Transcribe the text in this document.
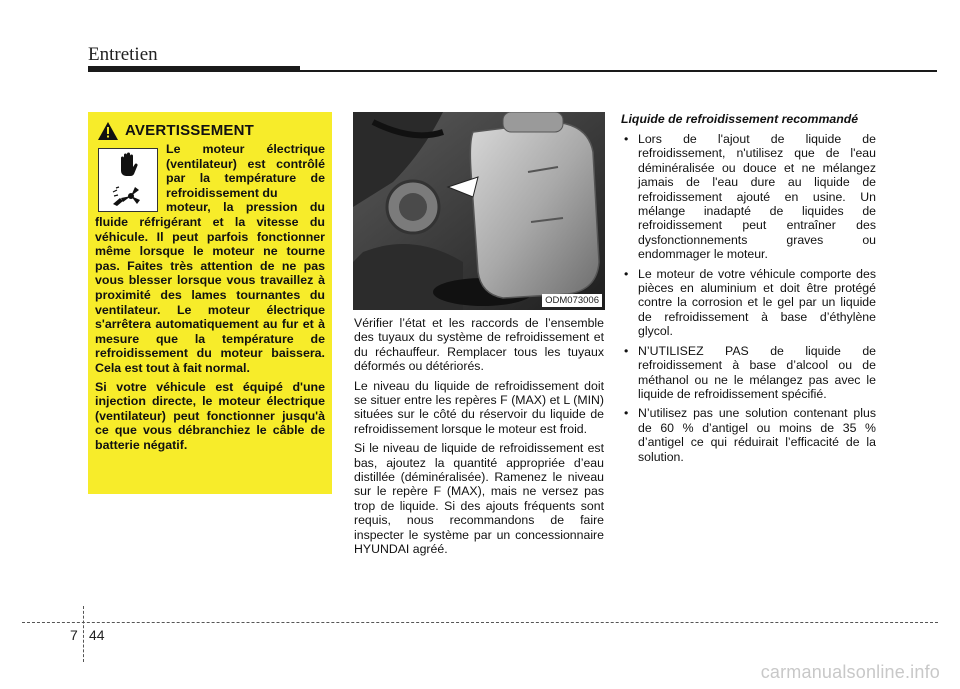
Entretien
AVERTISSEMENT

Le moteur électrique (ventilateur) est contrôlé par la température de refroidissement du

moteur, la pression du fluide réfrigérant et la vitesse du véhicule. Il peut parfois fonctionner même lorsque le moteur ne tourne pas. Faites très attention de ne pas vous blesser lorsque vous travaillez à proximité des lames tournantes du ventilateur. Le moteur électrique s'arrêtera automatiquement au fur et à mesure que la température de refroidissement du moteur baissera. Cela est tout à fait normal.

Si votre véhicule est équipé d'une injection directe, le moteur électrique (ventilateur) peut fonctionner jusqu'à ce que vous débranchiez le câble de batterie négatif.

ODM073006

Vérifier l’état et les raccords de l’ensemble des tuyaux du système de refroidissement et du réchauffeur. Remplacer tous les tuyaux déformés ou détériorés.

Le niveau du liquide de refroidissement doit se situer entre les repères F (MAX) et L (MIN) situées sur le côté du réservoir du liquide de refroidissement lorsque le moteur est froid.

Si le niveau de liquide de refroidissement est bas, ajoutez la quantité appropriée d’eau distillée (déminéralisée). Ramenez le niveau sur le repère F (MAX), mais ne versez pas trop de liquide. Si des ajouts fréquents sont requis, nous recommandons de faire inspecter le système par un concessionnaire HYUNDAI agréé.

Liquide de refroidissement recommandé
• Lors de l'ajout de liquide de refroidissement, n'utilisez que de l'eau déminéralisée ou douce et ne mélangez jamais de l'eau dure au liquide de refroidissement ajouté en usine. Un mélange inadapté de liquides de refroidissement peut entraîner des dysfonctionnements graves ou endommager le moteur.
• Le moteur de votre véhicule comporte des pièces en aluminium et doit être protégé contre la corrosion et le gel par un liquide de refroidissement à base d’éthylène glycol.
• N’UTILISEZ PAS de liquide de refroidissement à base d’alcool ou de méthanol ou ne le mélangez pas avec le liquide de refroidissement spécifié.
• N’utilisez pas une solution contenant plus de 60 % d’antigel ou moins de 35 % d’antigel ce qui réduirait l’efficacité de la solution.
7 44
carmanualsonline.info
